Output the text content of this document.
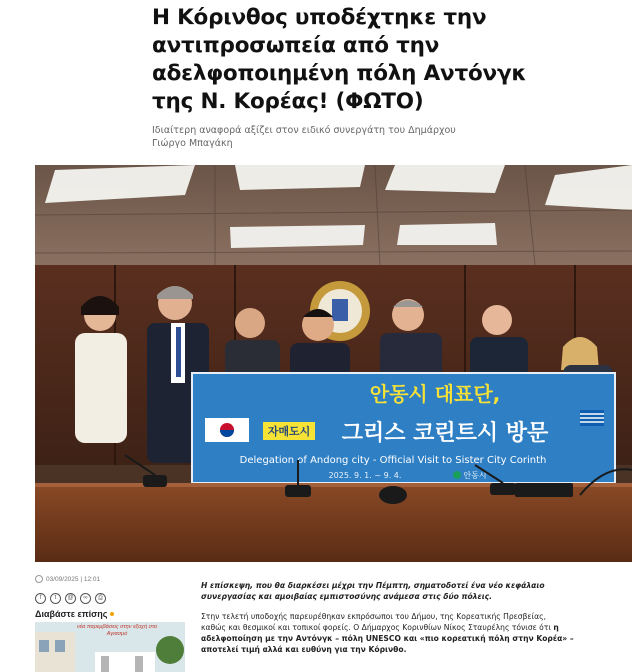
Η Κόρινθος υποδέχτηκε την
αντιπροσωπεία από την
αδελφοποιημένη πόλη Αντόνγκ
της Ν. Κορέας! (ΦΩΤΟ)

Ιδιαίτερη αναφορά αξίζει στον ειδικό συνεργάτη του Δημάρχου
Γιώργο Μπαγάκη

자매도시
안동시 대표단,
그리스 코린트시 방문
Delegation of Andong city - Official Visit to Sister City Corinth
2025. 9. 1. ~ 9. 4.	안동시
03/09/2025 |​ 12:01
f	t	@	∞	⎙
Διαβάστε επίσης
νέα παρεμβάσεις στην εξοχή στο Αγιασμό
Η επίσκεψη, που θα διαρκέσει μέχρι την Πέμπτη, σηματοδοτεί ένα νέο κεφάλαιο
συνεργασίας και αμοιβαίας εμπιστοσύνης ανάμεσα στις δύο πόλεις.
Στην τελετή υποδοχής παρευρέθηκαν εκπρόσωποι του Δήμου, της Κορεατικής Πρεσβείας,
καθώς και θεσμικοί και τοπικοί φορείς. Ο Δήμαρχος Κορινθίων Νίκος Σταυρέλης τόνισε ότι η
αδελφοποίηση με την Αντόνγκ – πόλη UNESCO και «πιο κορεατική πόλη στην Κορέα» –
αποτελεί τιμή αλλά και ευθύνη για την Κόρινθο.
